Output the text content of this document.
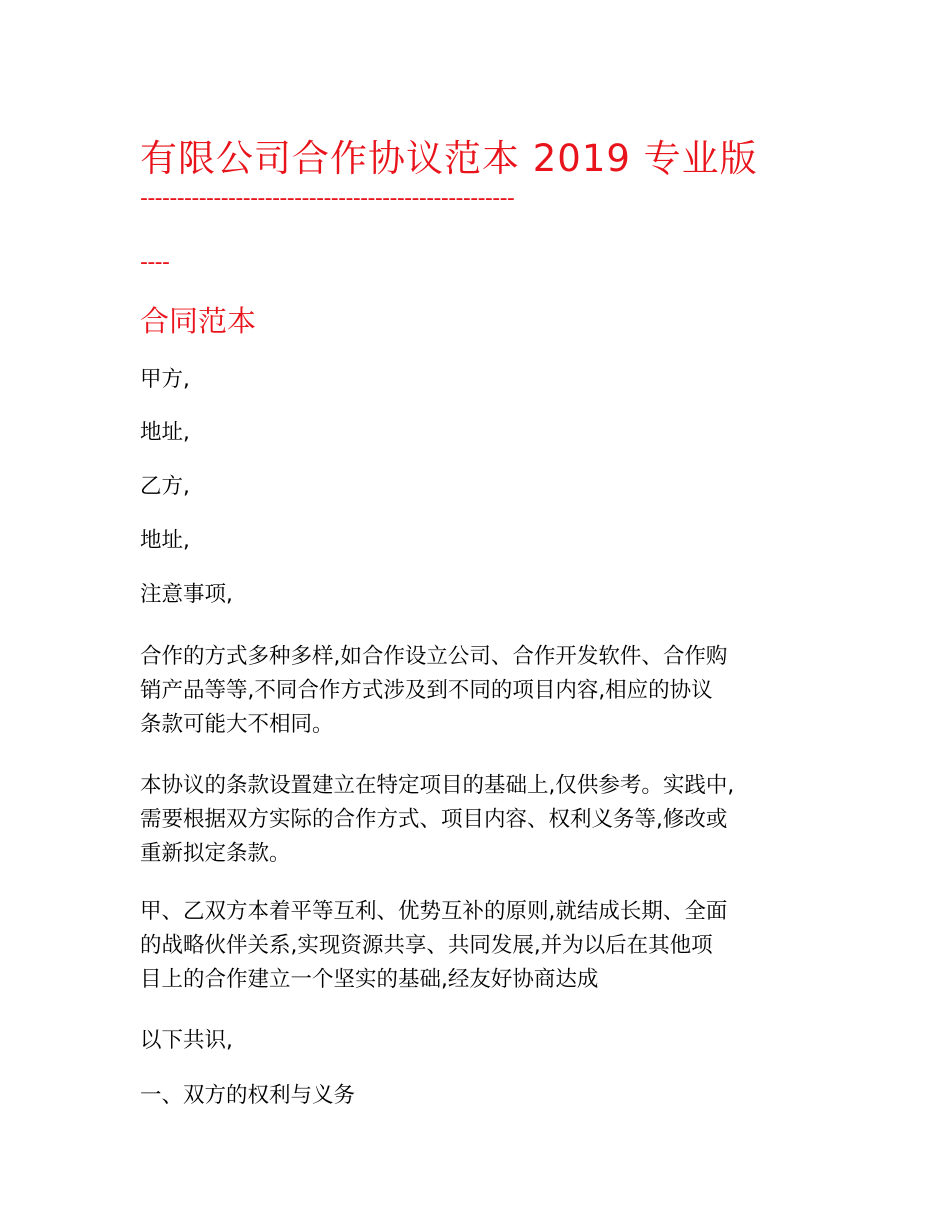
有限公司合作协议范本 2019 专业版
---------------------------------------------------
----
合同范本
甲方,
地址,
乙方,
地址,
注意事项,
合作的方式多种多样,如合作设立公司、合作开发软件、合作购
销产品等等,不同合作方式涉及到不同的项目内容,相应的协议
条款可能大不相同。
本协议的条款设置建立在特定项目的基础上,仅供参考。实践中,
需要根据双方实际的合作方式、项目内容、权利义务等,修改或
重新拟定条款。
甲、乙双方本着平等互利、优势互补的原则,就结成长期、全面
的战略伙伴关系,实现资源共享、共同发展,并为以后在其他项
目上的合作建立一个坚实的基础,经友好协商达成
以下共识,
一、双方的权利与义务
